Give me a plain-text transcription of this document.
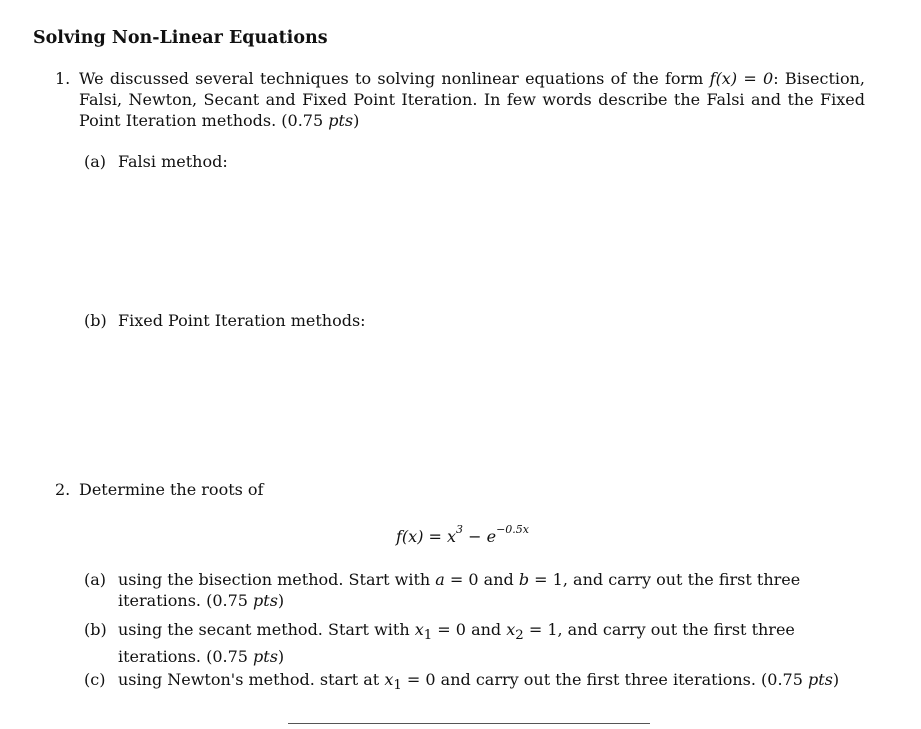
Solving Non-Linear Equations
1. We discussed several techniques to solving nonlinear equations of the form f(x) = 0: Bisection, Falsi, Newton, Secant and Fixed Point Iteration. In few words describe the Falsi and the Fixed Point Iteration methods. (0.75 pts)
(a) Falsi method:
(b) Fixed Point Iteration methods:
2. Determine the roots of
$f(x) = x^3 - e^{-0.5x}$
(a) using the bisection method. Start with a = 0 and b = 1, and carry out the first three iterations. (0.75 pts)
(b) using the secant method. Start with $x_1 = 0$ and $x_2 = 1$, and carry out the first three iterations. (0.75 pts)
(c) using Newton's method. start at $x_1 = 0$ and carry out the first three iterations. (0.75 pts)
